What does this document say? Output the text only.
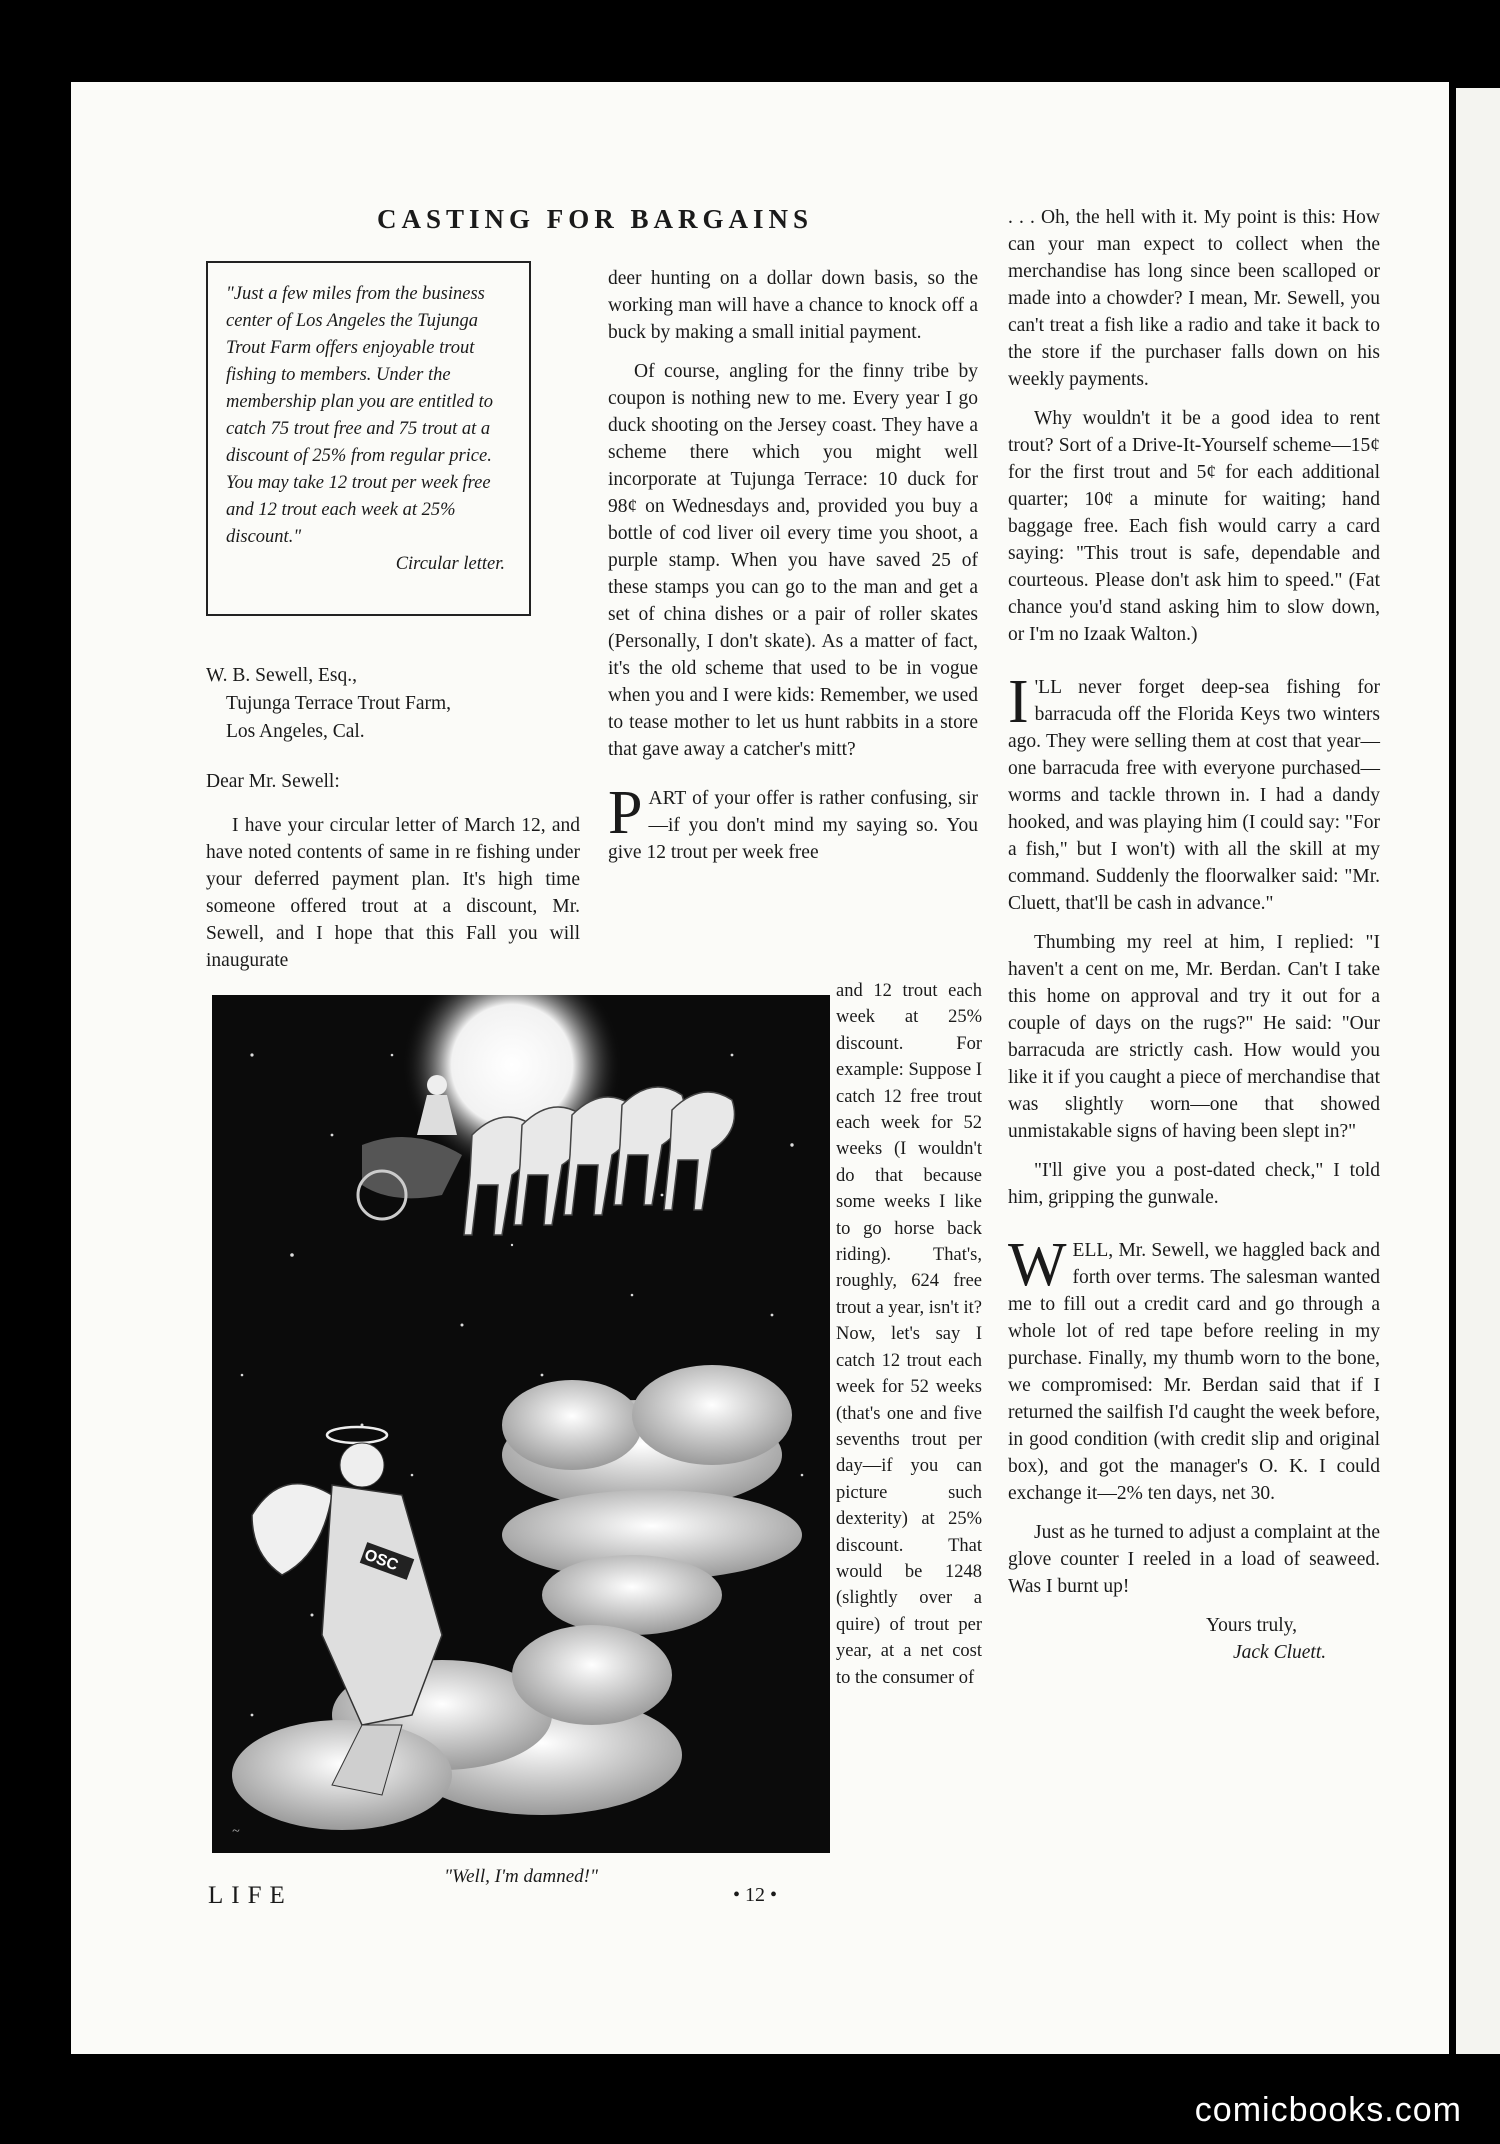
CASTING FOR BARGAINS
"Just a few miles from the business center of Los Angeles the Tujunga Trout Farm offers enjoyable trout fishing to members. Under the membership plan you are entitled to catch 75 trout free and 75 trout at a discount of 25% from regular price. You may take 12 trout per week free and 12 trout each week at 25% discount."
Circular letter.
W. B. Sewell, Esq.,
Tujunga Terrace Trout Farm,
Los Angeles, Cal.
Dear Mr. Sewell:

I have your circular letter of March 12, and have noted contents of same in re fishing under your deferred payment plan. It's high time someone offered trout at a discount, Mr. Sewell, and I hope that this Fall you will inaugurate

deer hunting on a dollar down basis, so the working man will have a chance to knock off a buck by making a small initial payment.

Of course, angling for the finny tribe by coupon is nothing new to me. Every year I go duck shooting on the Jersey coast. They have a scheme there which you might well incorporate at Tujunga Terrace: 10 duck for 98¢ on Wednesdays and, provided you buy a bottle of cod liver oil every time you shoot, a purple stamp. When you have saved 25 of these stamps you can go to the man and get a set of china dishes or a pair of roller skates (Personally, I don't skate). As a matter of fact, it's the old scheme that used to be in vogue when you and I were kids: Remember, we used to tease mother to let us hunt rabbits in a store that gave away a catcher's mitt?

PART of your offer is rather confusing, sir—if you don't mind my saying so. You give 12 trout per week free

and 12 trout each week at 25% discount. For example: Suppose I catch 12 free trout each week for 52 weeks (I wouldn't do that because some weeks I like to go horse back riding). That's, roughly, 624 free trout a year, isn't it? Now, let's say I catch 12 trout each week for 52 weeks (that's one and five sevenths trout per day—if you can picture such dexterity) at 25% discount. That would be 1248 (slightly over a quire) of trout per year, at a net cost to the consumer of

. . . Oh, the hell with it. My point is this: How can your man expect to collect when the merchandise has long since been scalloped or made into a chowder? I mean, Mr. Sewell, you can't treat a fish like a radio and take it back to the store if the purchaser falls down on his weekly payments.

Why wouldn't it be a good idea to rent trout? Sort of a Drive-It-Yourself scheme—15¢ for the first trout and 5¢ for each additional quarter; 10¢ a minute for waiting; hand baggage free. Each fish would carry a card saying: "This trout is safe, dependable and courteous. Please don't ask him to speed." (Fat chance you'd stand asking him to slow down, or I'm no Izaak Walton.)

I 'LL never forget deep-sea fishing for barracuda off the Florida Keys two winters ago. They were selling them at cost that year—one barracuda free with everyone purchased—worms and tackle thrown in. I had a dandy hooked, and was playing him (I could say: "For a fish," but I won't) with all the skill at my command. Suddenly the floorwalker said: "Mr. Cluett, that'll be cash in advance."

Thumbing my reel at him, I replied: "I haven't a cent on me, Mr. Berdan. Can't I take this home on approval and try it out for a couple of days on the rugs?" He said: "Our barracuda are strictly cash. How would you like it if you caught a piece of merchandise that was slightly worn—one that showed unmistakable signs of having been slept in?"

"I'll give you a post-dated check," I told him, gripping the gunwale.

WELL, Mr. Sewell, we haggled back and forth over terms. The salesman wanted me to fill out a credit card and go through a whole lot of red tape before reeling in my purchase. Finally, my thumb worn to the bone, we compromised: Mr. Berdan said that if I returned the sailfish I'd caught the week before, in good condition (with credit slip and original box), and got the manager's O. K. I could exchange it—2% ten days, net 30.

Just as he turned to adjust a complaint at the glove counter I reeled in a load of seaweed. Was I burnt up!

Yours truly,
Jack Cluett.
OSC
~
"Well, I'm damned!"
LIFE	• 12 •
comicbooks.com
